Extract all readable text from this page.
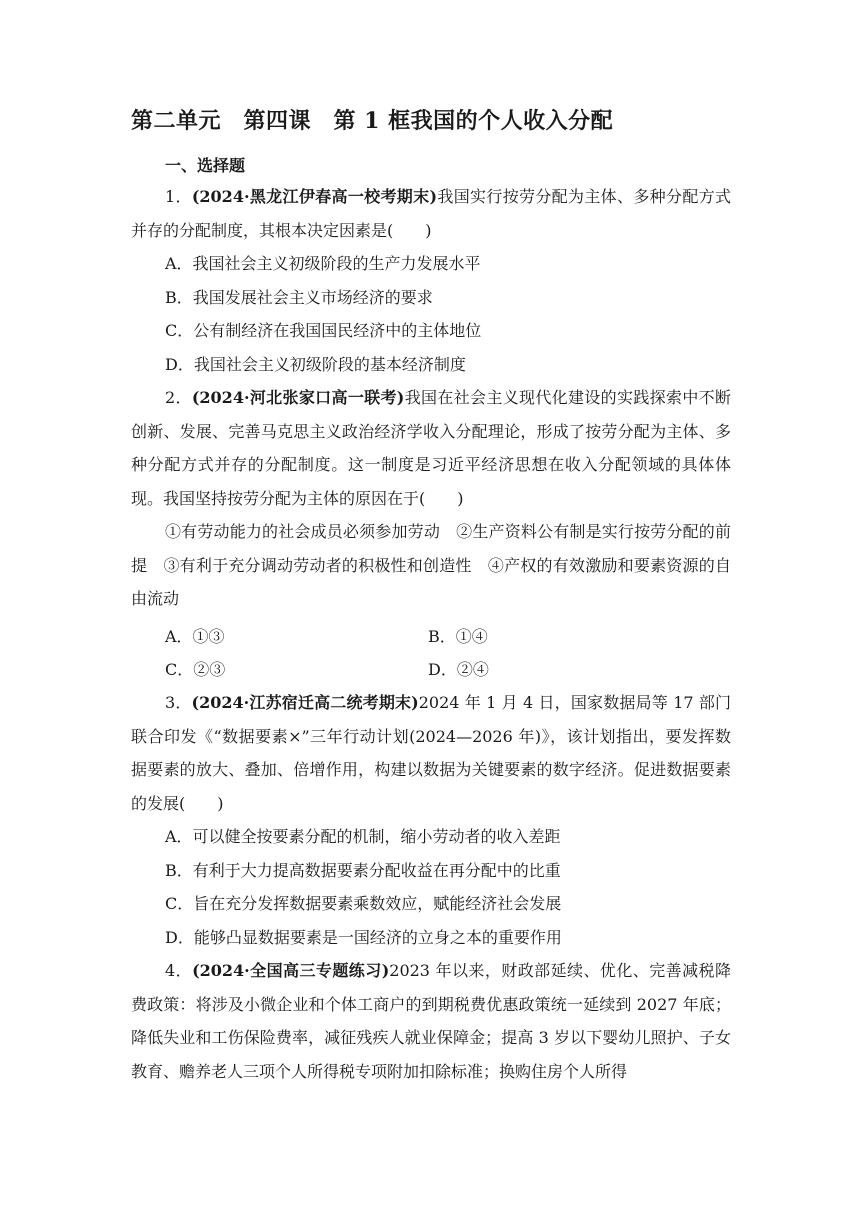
第二单元　第四课　第 1 框我国的个人收入分配
一、选择题
1．(2024·黑龙江伊春高一校考期末)我国实行按劳分配为主体、多种分配方式并存的分配制度，其根本决定因素是(　　)
A．我国社会主义初级阶段的生产力发展水平
B．我国发展社会主义市场经济的要求
C．公有制经济在我国国民经济中的主体地位
D．我国社会主义初级阶段的基本经济制度
2．(2024·河北张家口高一联考)我国在社会主义现代化建设的实践探索中不断创新、发展、完善马克思主义政治经济学收入分配理论，形成了按劳分配为主体、多种分配方式并存的分配制度。这一制度是习近平经济思想在收入分配领域的具体体现。我国坚持按劳分配为主体的原因在于(　　)
①有劳动能力的社会成员必须参加劳动　②生产资料公有制是实行按劳分配的前提　③有利于充分调动劳动者的积极性和创造性　④产权的有效激励和要素资源的自由流动
A．①③	B．①④
C．②③	D．②④
3．(2024·江苏宿迁高二统考期末)2024 年 1 月 4 日，国家数据局等 17 部门联合印发《“数据要素×”三年行动计划(2024—2026 年)》，该计划指出，要发挥数据要素的放大、叠加、倍增作用，构建以数据为关键要素的数字经济。促进数据要素的发展(　　)
A．可以健全按要素分配的机制，缩小劳动者的收入差距
B．有利于大力提高数据要素分配收益在再分配中的比重
C．旨在充分发挥数据要素乘数效应，赋能经济社会发展
D．能够凸显数据要素是一国经济的立身之本的重要作用
4．(2024·全国高三专题练习)2023 年以来，财政部延续、优化、完善减税降费政策：将涉及小微企业和个体工商户的到期税费优惠政策统一延续到 2027 年底；降低失业和工伤保险费率，减征残疾人就业保障金；提高 3 岁以下婴幼儿照护、子女教育、赡养老人三项个人所得税专项附加扣除标准；换购住房个人所得
